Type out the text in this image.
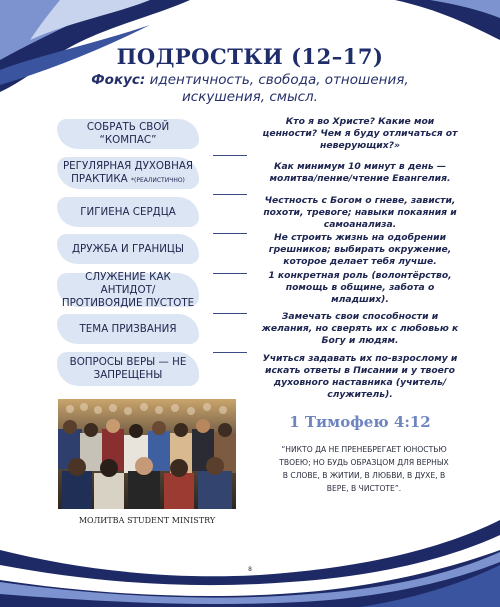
ПОДРОСТКИ (12–17)
Фокус: идентичность, свобода, отношения,
искушения, смысл.
СОБРАТЬ СВОЙ “КОМПАС”
РЕГУЛЯРНАЯ ДУХОВНАЯ ПРАКТИКА *(РЕАЛИСТИЧНО)
ГИГИЕНА СЕРДЦА
ДРУЖБА И ГРАНИЦЫ
СЛУЖЕНИЕ КАК АНТИДОТ/ ПРОТИВОЯДИЕ ПУСТОТЕ
ТЕМА ПРИЗВАНИЯ
ВОПРОСЫ ВЕРЫ — НЕ ЗАПРЕЩЕНЫ
Кто я во Христе? Какие мои ценности? Чем я буду отличаться от неверующих?»
Как минимум 10 минут в день — молитва/пение/чтение Евангелия.
Честность с Богом о гневе, зависти, похоти, тревоге; навыки покаяния и самоанализа.
Не строить жизнь на одобрении грешников; выбирать окружение, которое делает тебя лучше.
1 конкретная роль (волонтёрство, помощь в общине, забота о младших).
Замечать свои способности и желания, но сверять их с любовью к Богу и людям.
Учиться задавать их по-взрослому и искать ответы в Писании и у твоего духовного наставника (учитель/служитель).
МОЛИТВА STUDENT MINISTRY
1 Тимофею 4:12
“НИКТО ДА НЕ ПРЕНЕБРЕГАЕТ ЮНОСТЬЮ ТВОЕЮ; НО БУДЬ ОБРАЗЦОМ ДЛЯ ВЕРНЫХ В СЛОВЕ, В ЖИТИИ, В ЛЮБВИ, В ДУХЕ, В ВЕРЕ, В ЧИСТОТЕ”.
8
